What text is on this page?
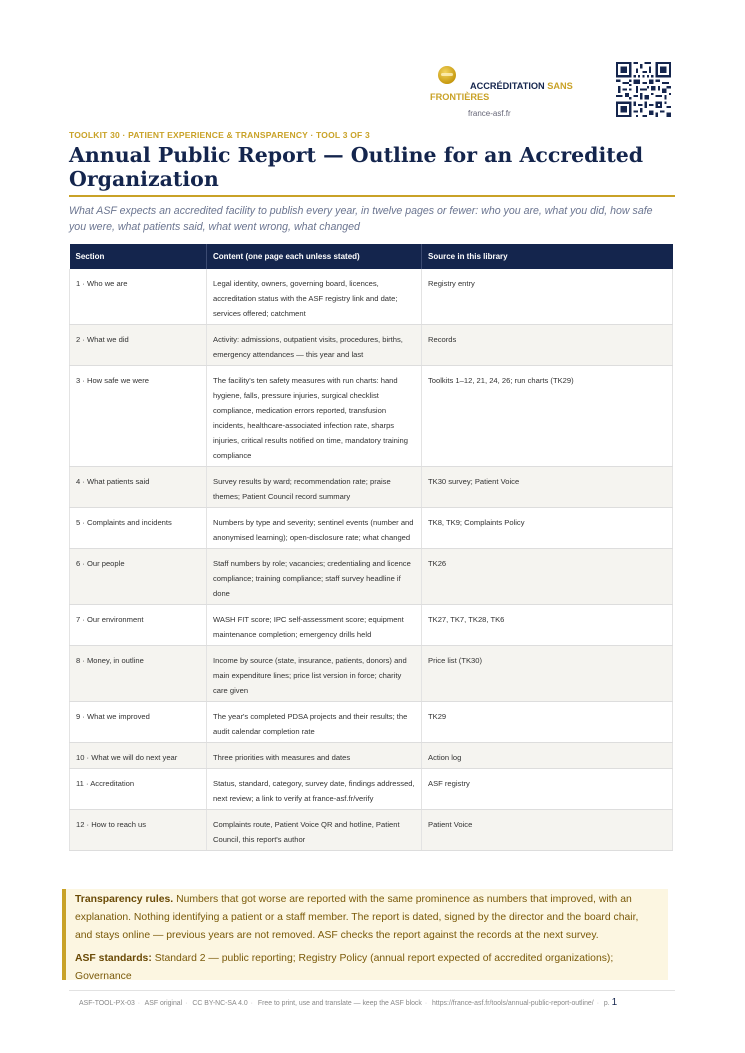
ACCRÉDITATION SANS FRONTIÈRES
france-asf.fr
TOOLKIT 30 · PATIENT EXPERIENCE & TRANSPARENCY · TOOL 3 OF 3
Annual Public Report — Outline for an Accredited Organization
What ASF expects an accredited facility to publish every year, in twelve pages or fewer: who you are, what you did, how safe you were, what patients said, what went wrong, what changed
Section	Content (one page each unless stated)	Source in this library
1 · Who we are	Legal identity, owners, governing board, licences, accreditation status with the ASF registry link and date; services offered; catchment	Registry entry
2 · What we did	Activity: admissions, outpatient visits, procedures, births, emergency attendances — this year and last	Records
3 · How safe we were	The facility's ten safety measures with run charts: hand hygiene, falls, pressure injuries, surgical checklist compliance, medication errors reported, transfusion incidents, healthcare-associated infection rate, sharps injuries, critical results notified on time, mandatory training compliance	Toolkits 1–12, 21, 24, 26; run charts (TK29)
4 · What patients said	Survey results by ward; recommendation rate; praise themes; Patient Council record summary	TK30 survey; Patient Voice
5 · Complaints and incidents	Numbers by type and severity; sentinel events (number and anonymised learning); open-disclosure rate; what changed	TK8, TK9; Complaints Policy
6 · Our people	Staff numbers by role; vacancies; credentialing and licence compliance; training compliance; staff survey headline if done	TK26
7 · Our environment	WASH FIT score; IPC self-assessment score; equipment maintenance completion; emergency drills held	TK27, TK7, TK28, TK6
8 · Money, in outline	Income by source (state, insurance, patients, donors) and main expenditure lines; price list version in force; charity care given	Price list (TK30)
9 · What we improved	The year's completed PDSA projects and their results; the audit calendar completion rate	TK29
10 · What we will do next year	Three priorities with measures and dates	Action log
11 · Accreditation	Status, standard, category, survey date, findings addressed, next review; a link to verify at france-asf.fr/verify	ASF registry
12 · How to reach us	Complaints route, Patient Voice QR and hotline, Patient Council, this report's author	Patient Voice

Transparency rules. Numbers that got worse are reported with the same prominence as numbers that improved, with an explanation. Nothing identifying a patient or a staff member. The report is dated, signed by the director and the board chair, and stays online — previous years are not removed. ASF checks the report against the records at the next survey.

ASF standards: Standard 2 — public reporting; Registry Policy (annual report expected of accredited organizations); Governance

ASF-TOOL-PX-03 · ASF original · CC BY-NC-SA 4.0 · Free to print, use and translate — keep the ASF block · https://france-asf.fr/tools/annual-public-report-outline/ · p. 1
